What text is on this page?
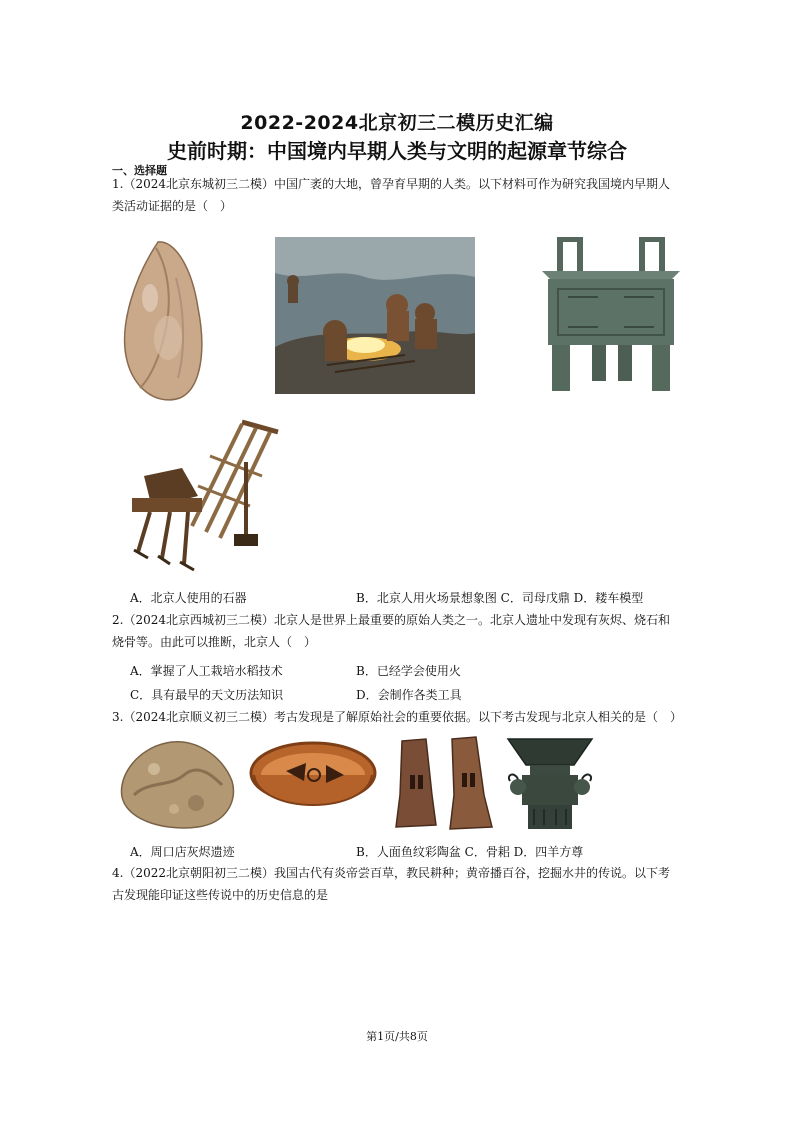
2022-2024北京初三二模历史汇编
史前时期：中国境内早期人类与文明的起源章节综合
一、选择题
1.（2024北京东城初三二模）中国广袤的大地，曾孕育早期的人类。以下材料可作为研究我国境内早期人
类活动证据的是（　）
A．北京人使用的石器	B．北京人用火场景想象图 C．司母戊鼎 D．耧车模型
2.（2024北京西城初三二模）北京人是世界上最重要的原始人类之一。北京人遗址中发现有灰烬、烧石和
烧骨等。由此可以推断，北京人（　）
A．掌握了人工栽培水稻技术	B．已经学会使用火
C．具有最早的天文历法知识	D．会制作各类工具
3.（2024北京顺义初三二模）考古发现是了解原始社会的重要依据。以下考古发现与北京人相关的是（　）
A．周口店灰烬遗迹	B．人面鱼纹彩陶盆 C．骨耜 D．四羊方尊
4.（2022北京朝阳初三二模）我国古代有炎帝尝百草，教民耕种；黄帝播百谷，挖掘水井的传说。以下考
古发现能印证这些传说中的历史信息的是
第1页/共8页
